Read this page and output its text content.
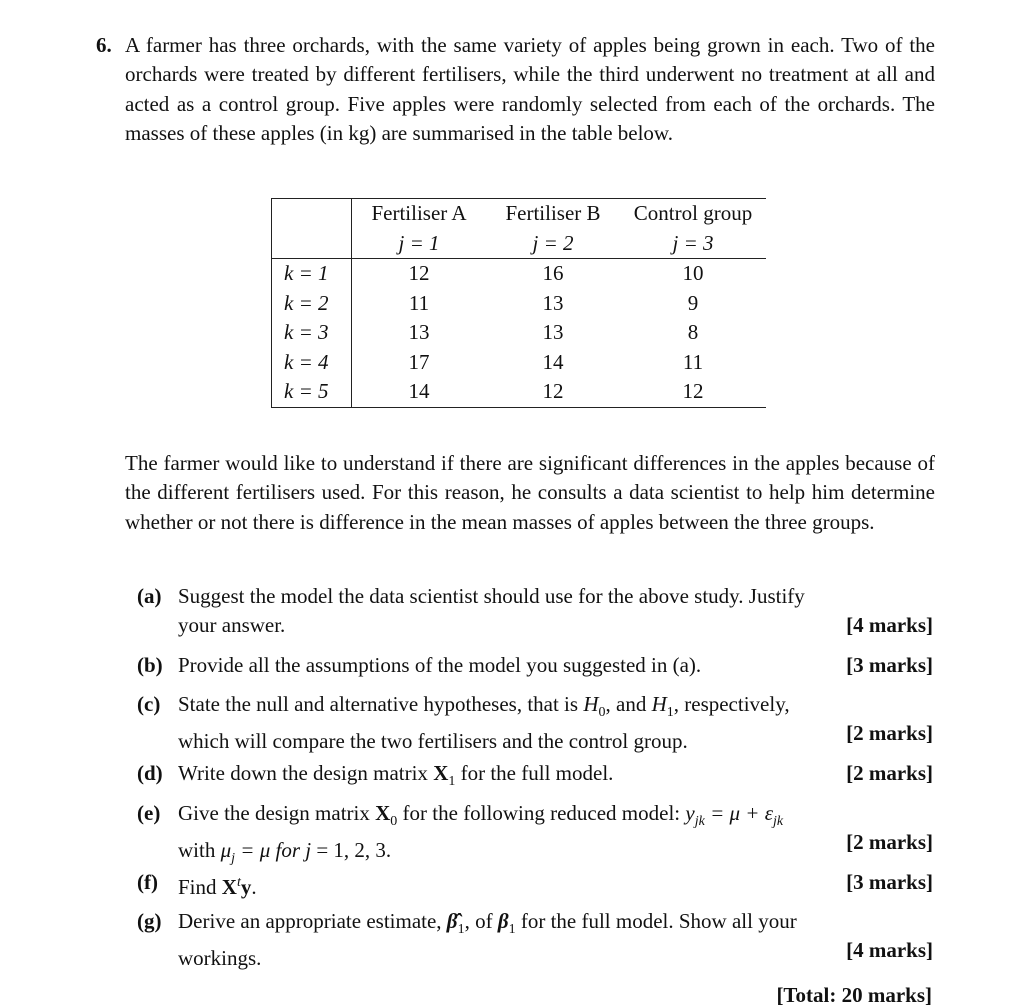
6. A farmer has three orchards, with the same variety of apples being grown in each. Two of the orchards were treated by different fertilisers, while the third underwent no treatment at all and acted as a control group. Five apples were randomly selected from each of the orchards. The masses of these apples (in kg) are summarised in the table below.

	Fertiliser A	Fertiliser B	Control group
	j = 1	j = 2	j = 3
k = 1	12	16	10
k = 2	11	13	9
k = 3	13	13	8
k = 4	17	14	11
k = 5	14	12	12

The farmer would like to understand if there are significant differences in the apples because of the different fertilisers used. For this reason, he consults a data scientist to help him determine whether or not there is difference in the mean masses of apples between the three groups.

(a) Suggest the model the data scientist should use for the above study. Justify
your answer.	[4 marks]
(b) Provide all the assumptions of the model you suggested in (a).	[3 marks]
(c) State the null and alternative hypotheses, that is $H_0$, and $H_1$, respectively,
which will compare the two fertilisers and the control group.	[2 marks]
(d) Write down the design matrix $X_1$ for the full model.	[2 marks]
(e) Give the design matrix $X_0$ for the following reduced model: $y_{jk} = \mu + \varepsilon_{jk}$
with $\mu_j = \mu$ for j = 1, 2, 3.	[2 marks]
(f) Find $X^ty$.	[3 marks]
(g) Derive an appropriate estimate, $\betâ_1$, of $\beta_1$ for the full model. Show all your
workings.	[4 marks]
[Total: 20 marks]
